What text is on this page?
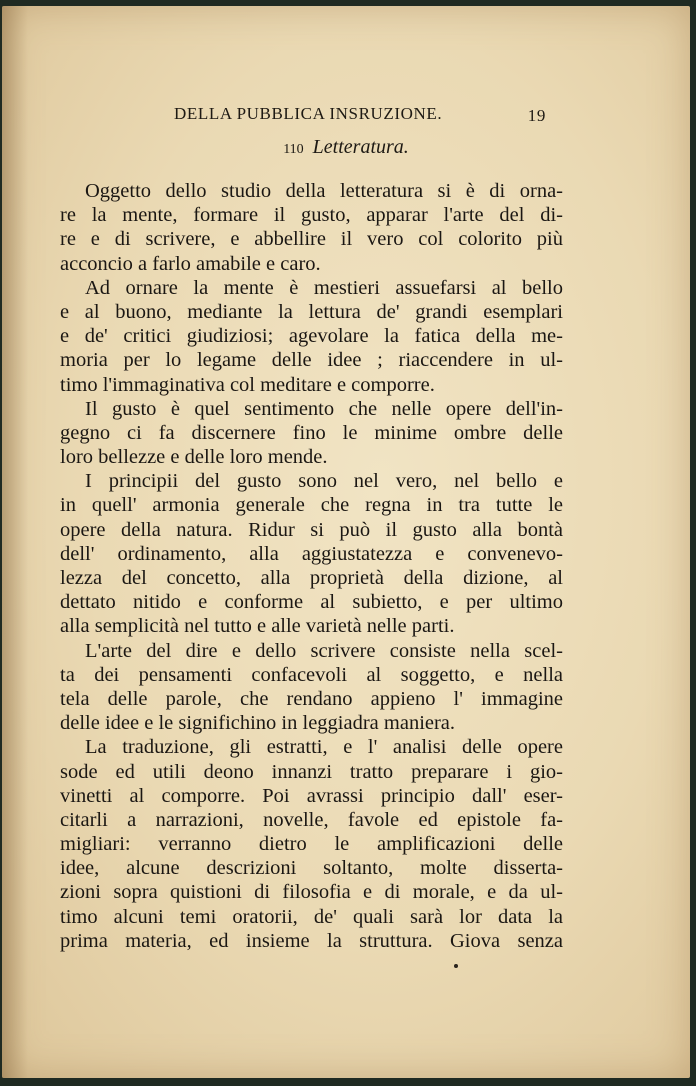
DELLA PUBBLICA INSRUZIONE.	19
110 Letteratura.
Oggetto dello studio della letteratura si è di orna-
re la mente, formare il gusto, apparar l'arte del di-
re e di scrivere, e abbellire il vero col colorito più
acconcio a farlo amabile e caro.
Ad ornare la mente è mestieri assuefarsi al bello
e al buono, mediante la lettura de' grandi esemplari
e de' critici giudiziosi; agevolare la fatica della me-
moria per lo legame delle idee ; riaccendere in ul-
timo l'immaginativa col meditare e comporre.
Il gusto è quel sentimento che nelle opere dell'in-
gegno ci fa discernere fino le minime ombre delle
loro bellezze e delle loro mende.
I principii del gusto sono nel vero, nel bello e
in quell' armonia generale che regna in tra tutte le
opere della natura. Ridur si può il gusto alla bontà
dell' ordinamento, alla aggiustatezza e convenevo-
lezza del concetto, alla proprietà della dizione, al
dettato nitido e conforme al subietto, e per ultimo
alla semplicità nel tutto e alle varietà nelle parti.
L'arte del dire e dello scrivere consiste nella scel-
ta dei pensamenti confacevoli al soggetto, e nella
tela delle parole, che rendano appieno l' immagine
delle idee e le significhino in leggiadra maniera.
La traduzione, gli estratti, e l' analisi delle opere
sode ed utili deono innanzi tratto preparare i gio-
vinetti al comporre. Poi avrassi principio dall' eser-
citarli a narrazioni, novelle, favole ed epistole fa-
migliari: verranno dietro le amplificazioni delle
idee, alcune descrizioni soltanto, molte disserta-
zioni sopra quistioni di filosofia e di morale, e da ul-
timo alcuni temi oratorii, de' quali sarà lor data la
prima materia, ed insieme la struttura. Giova senza
